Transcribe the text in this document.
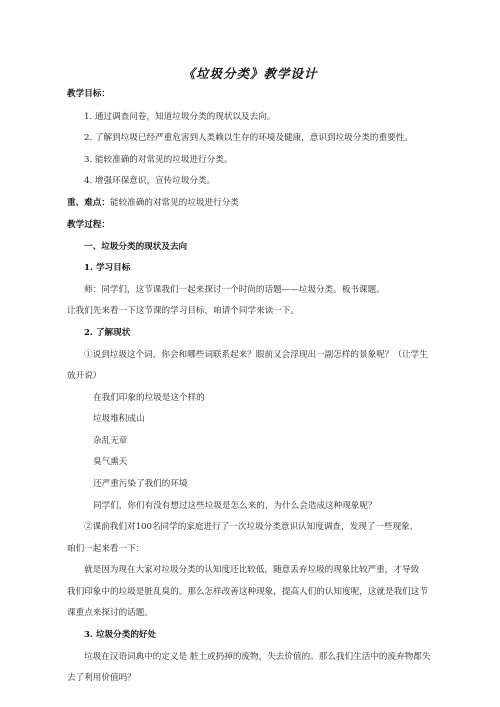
《垃圾分类》教学设计
教学目标：
1. 通过调查问卷，知道垃圾分类的现状以及去向。
2. 了解到垃圾已经严重危害到人类赖以生存的环境及健康，意识到垃圾分类的重要性。
3. 能较准确的对常见的垃圾进行分类。
4. 增强环保意识，宣传垃圾分类。
重、难点：能较准确的对常见的垃圾进行分类
教学过程：
一、垃圾分类的现状及去向
1. 学习目标
师：同学们，这节课我们一起来探讨一个时尚的话题——垃圾分类。板书课题。
让我们先来看一下这节课的学习目标，咱请个同学来读一下。
2. 了解现状
①说到垃圾这个词，你会和哪些词联系起来？眼前又会浮现出一副怎样的景象呢？（让学生
放开说）
在我们印象的垃圾是这个样的
垃圾堆积成山
杂乱无章
臭气熏天
还严重污染了我们的环境
同学们，你们有没有想过这些垃圾是怎么来的，为什么会造成这种现象呢？
②课前我们对100名同学的家庭进行了一次垃圾分类意识认知度调查，发现了一些现象，
咱们一起来看一下：
就是因为现在大家对垃圾分类的认知度还比较低，随意丢弃垃圾的现象比较严重，才导致
我们印象中的垃圾是脏乱臭的。那么怎样改善这种现象，提高人们的认知度呢，这就是我们这节
课重点来探讨的话题。
3. 垃圾分类的好处
垃圾在汉语词典中的定义是 脏土或扔掉的废物，失去价值的。那么我们生活中的废弃物都失
去了利用价值吗？
